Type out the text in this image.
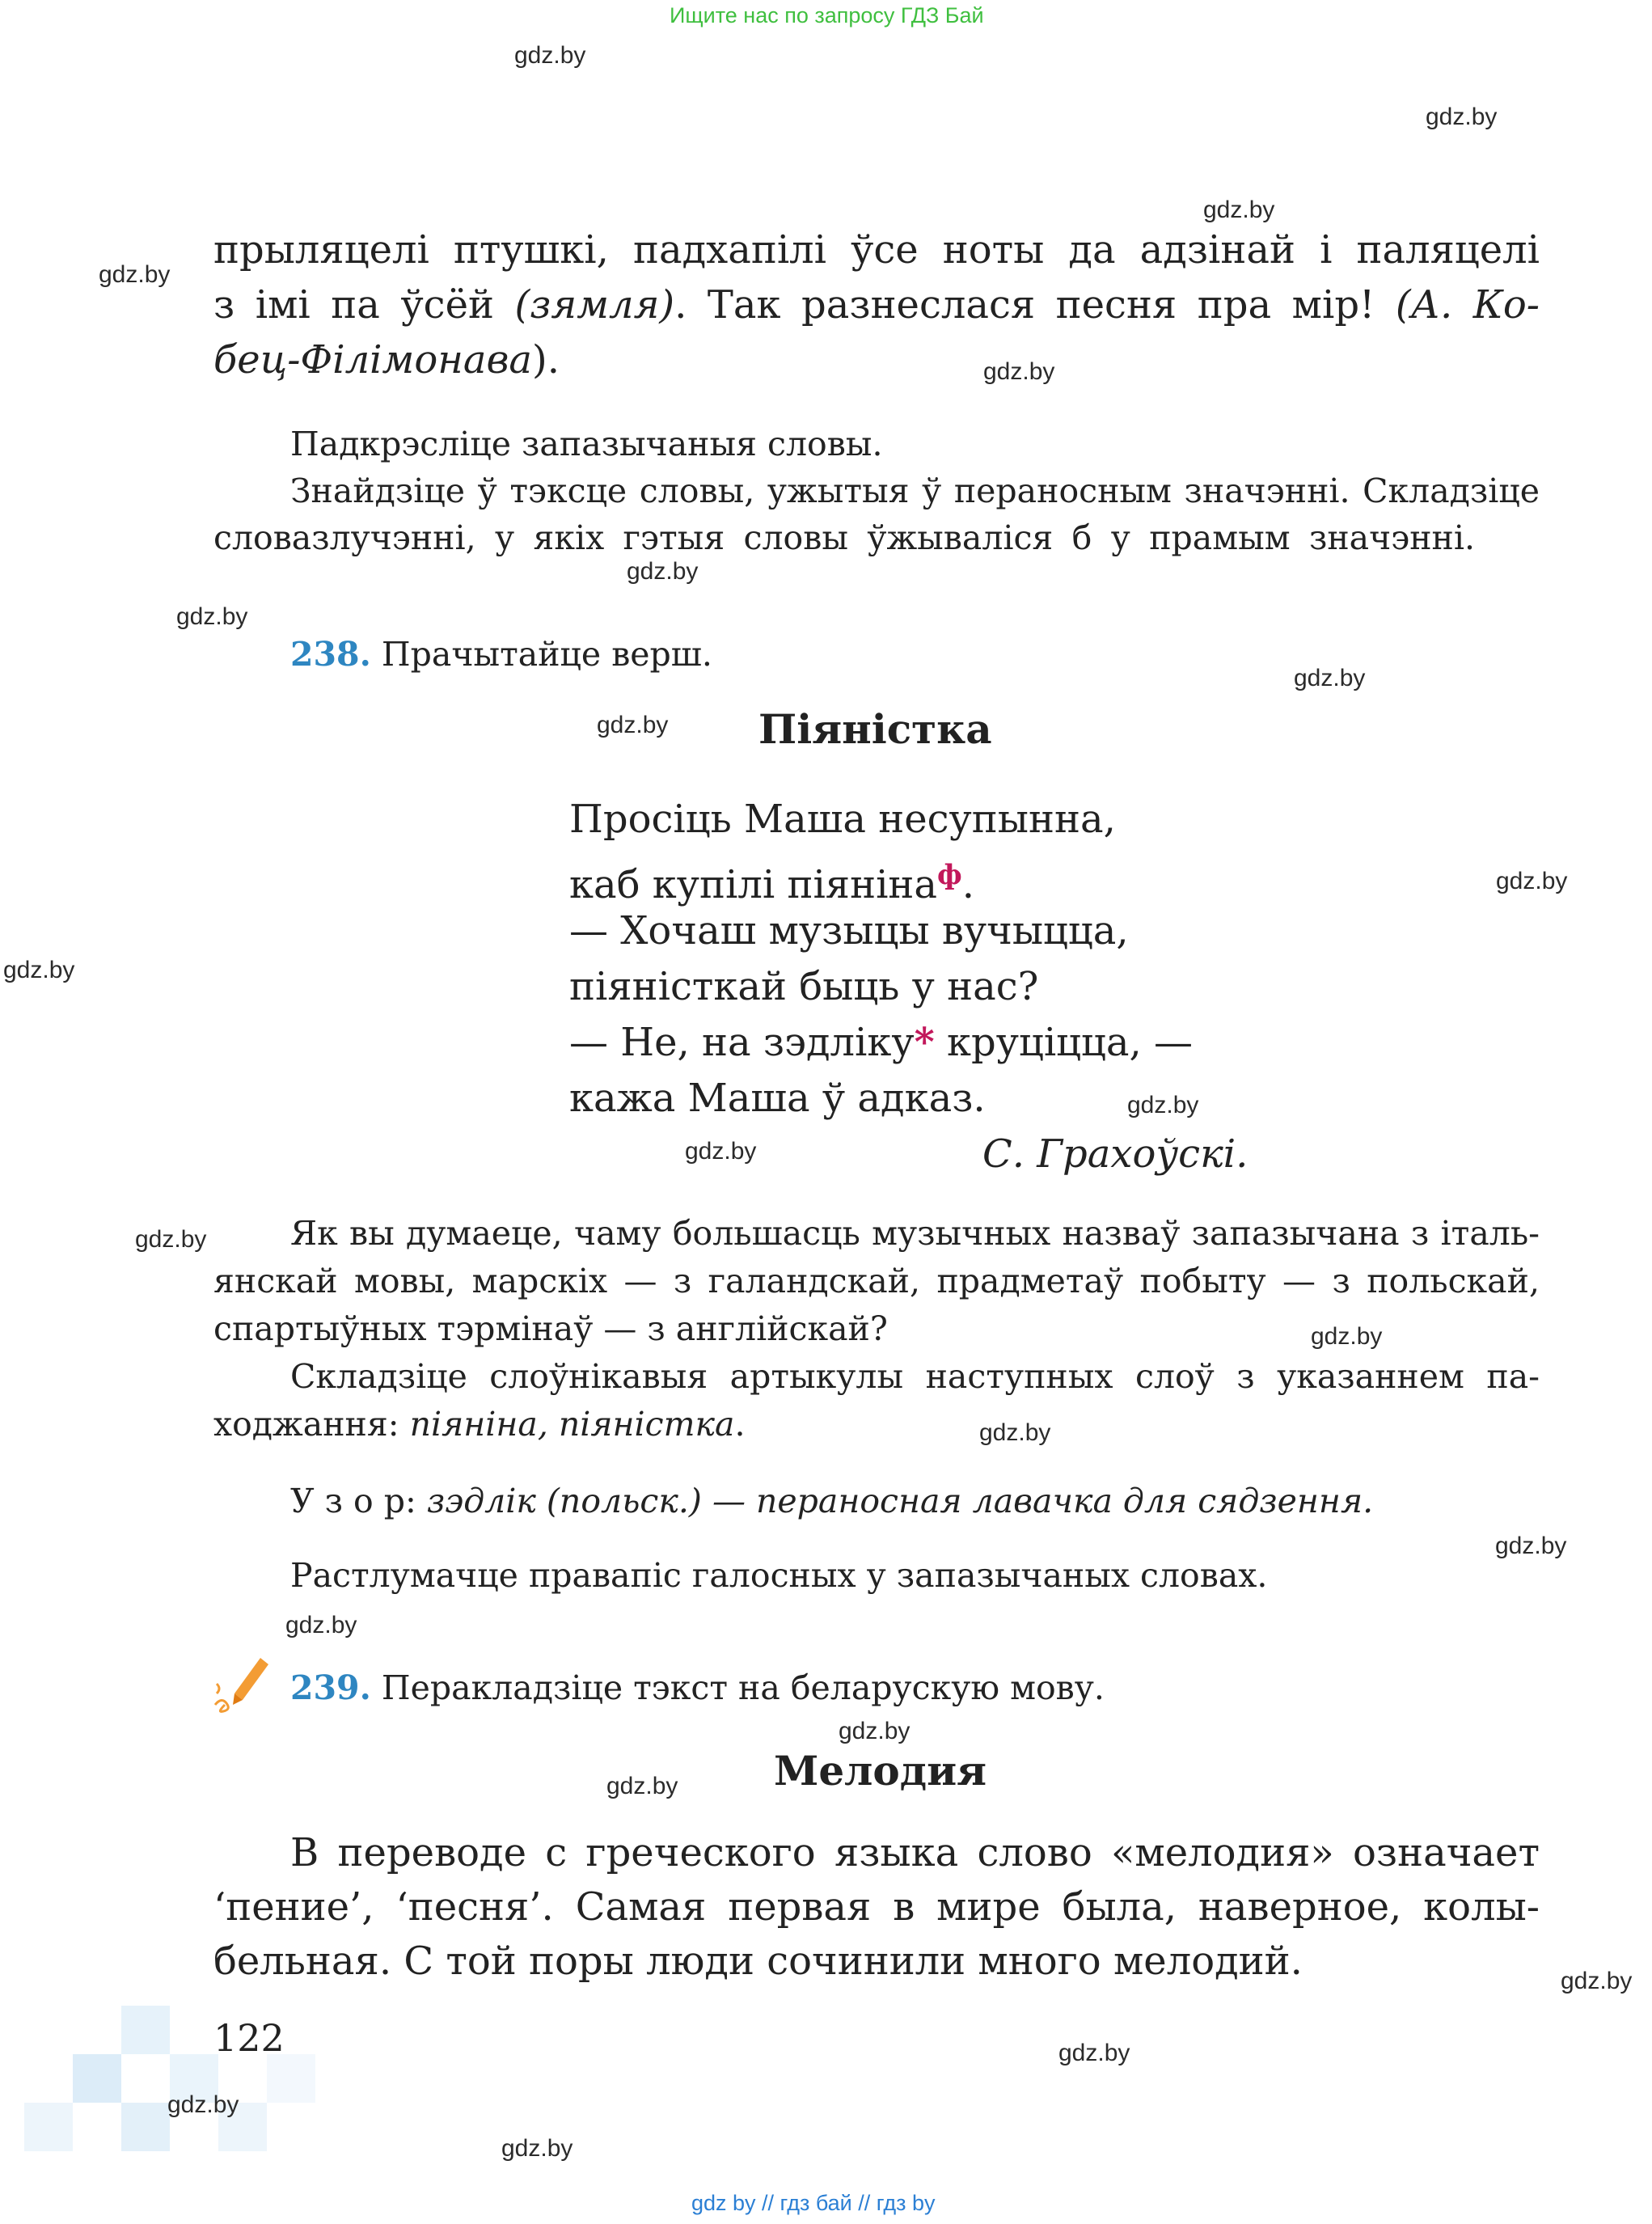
Ищите нас по запросу ГДЗ Бай
gdz.by
gdz.by
gdz.by
gdz.by
gdz.by
gdz.by
gdz.by
gdz.by
gdz.by
gdz.by
gdz.by
gdz.by
gdz.by
gdz.by
gdz.by
gdz.by
gdz.by
gdz.by
gdz.by
gdz.by
gdz.by
gdz.by
gdz.by
gdz.by
прыляцелі птушкі, падхапілі ўсе ноты да адзінай і паляцелі
з імі па ўсёй (зямля). Так разнеслася песня пра мір! (А. Ко-
бец-Філімонава).
Падкрэсліце запазычаныя словы.
Знайдзіце ў тэксце словы, ужытыя ў пераносным значэнні. Складзіце
словазлучэнні, у якіх гэтыя словы ўжываліся б у прамым значэнні.
238. Прачытайце верш.
Піяністка
Просіць Маша несупынна,
каб купілі піяніна$^ф$.
— Хочаш музыцы вучыцца,
піяністкай быць у нас?
— Не, на зэдліку* круціцца, —
кажа Маша ў адказ.
С. Грахоўскі.
Як вы думаеце, чаму большасць музычных назваў запазычана з італь-
янскай мовы, марскіх — з галандскай, прадметаў побыту — з польскай,
спартыўных тэрмінаў — з англійскай?
Складзіце слоўнікавыя артыкулы наступных слоў з указаннем па-
ходжання: піяніна, піяністка.
У з о р: зэдлік (польск.) — пераносная лавачка для сядзення.
Растлумачце правапіс галосных у запазычаных словах.
239. Перакладзіце тэкст на беларускую мову.
Мелодия
В переводе с греческого языка слово «мелодия» означает
‘пение’, ‘песня’. Самая первая в мире была, наверное, колы-
бельная. С той поры люди сочинили много мелодий.
122
gdz by // гдз бай // гдз by
